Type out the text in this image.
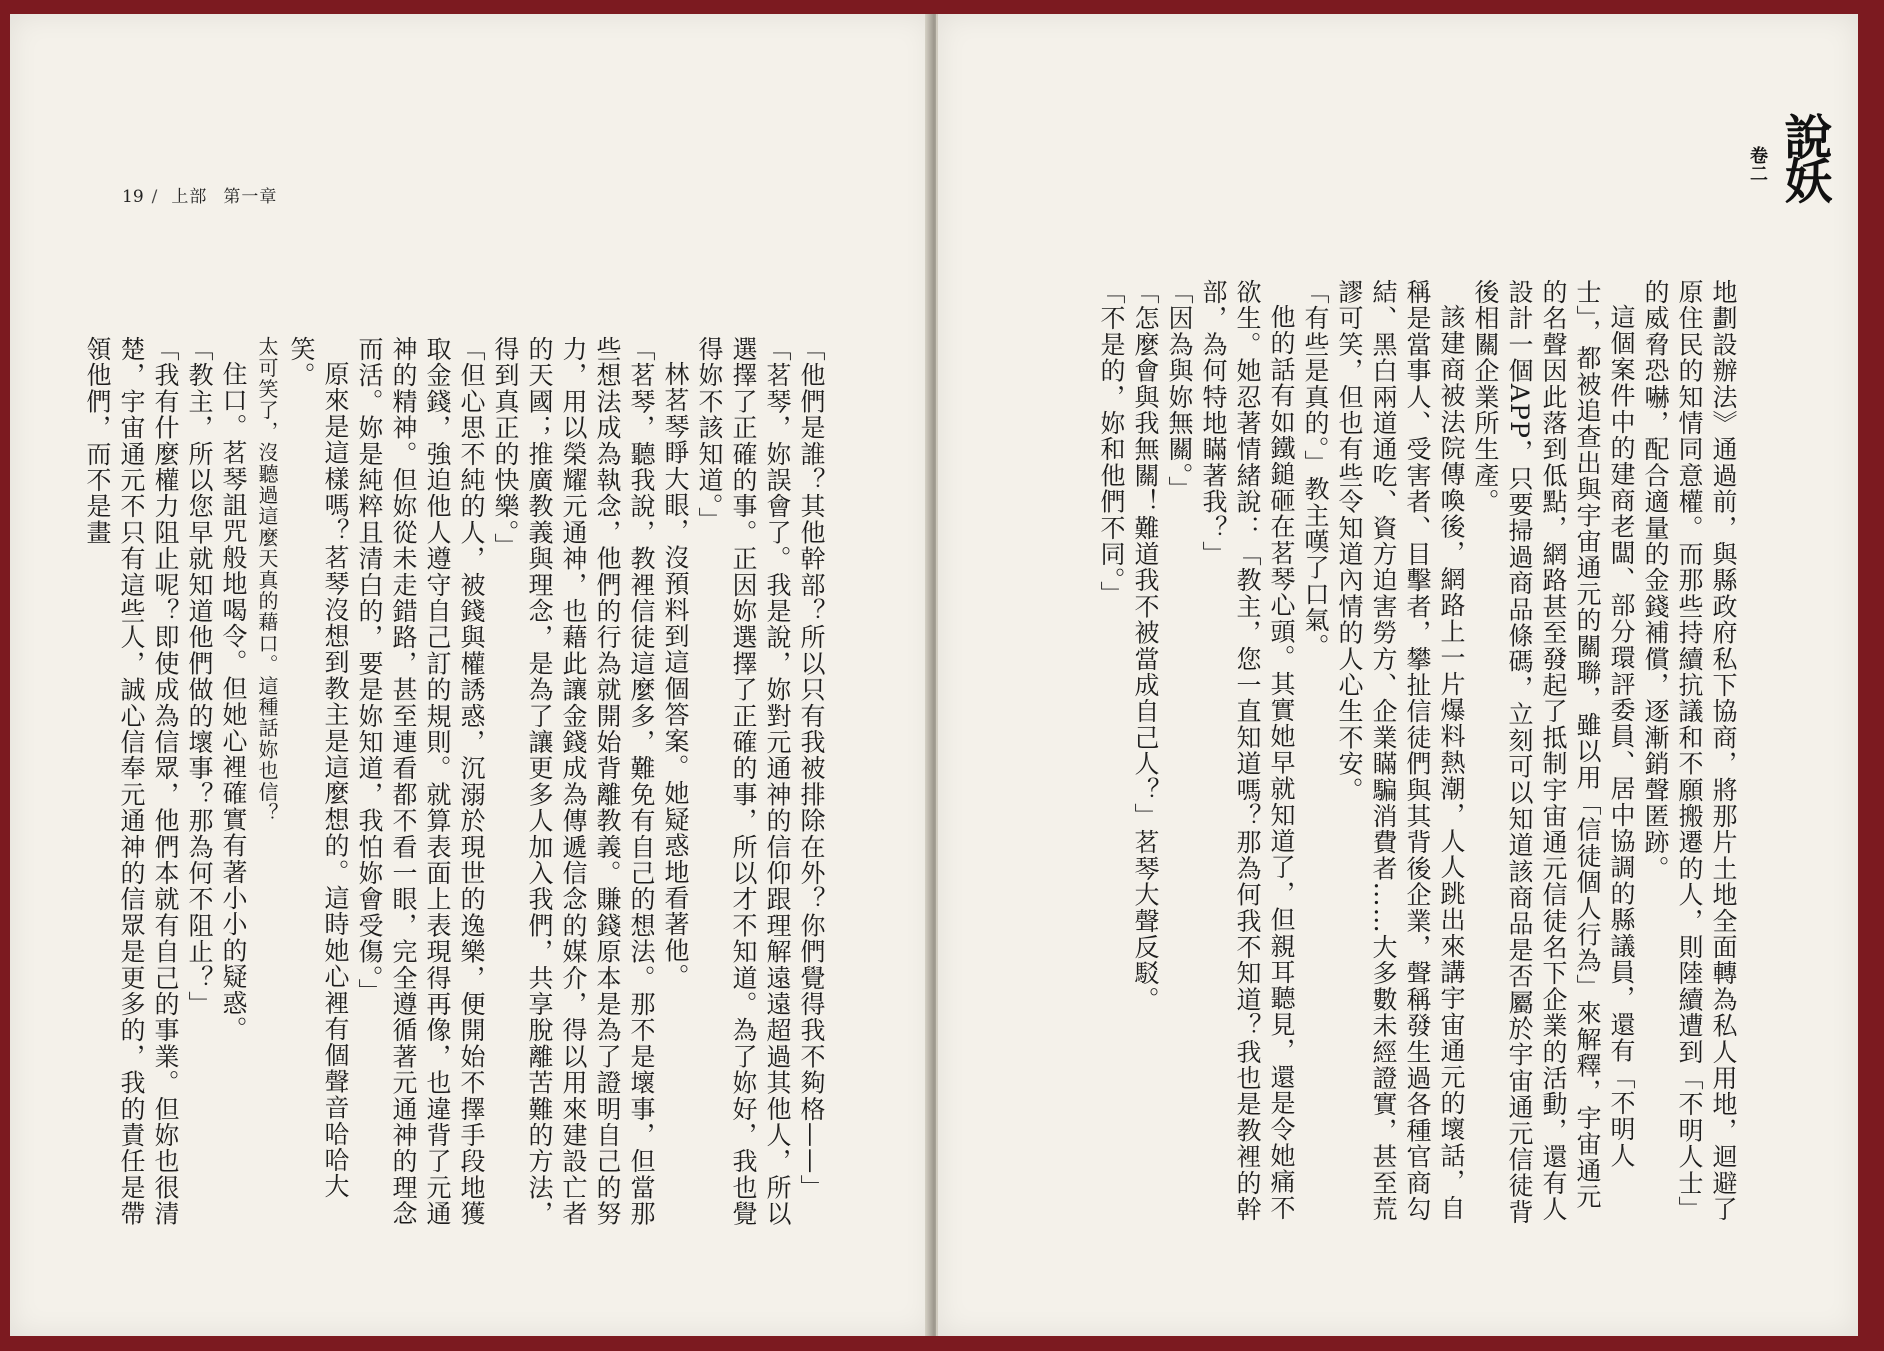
19 / 上部 第一章

「他們是誰？其他幹部？所以只有我被排除在外？你們覺得我不夠格——」

「茗琴，妳誤會了。我是說，妳對元通神的信仰跟理解遠遠超過其他人，所以選擇了正確的事。正因妳選擇了正確的事，所以才不知道。為了妳好，我也覺得妳不該知道。」

林茗琴睜大眼，沒預料到這個答案。她疑惑地看著他。

「茗琴，聽我說，教裡信徒這麼多，難免有自己的想法。那不是壞事，但當那些想法成為執念，他們的行為就開始背離教義。賺錢原本是為了證明自己的努力，用以榮耀元通神，也藉此讓金錢成為傳遞信念的媒介，得以用來建設亡者的天國；推廣教義與理念，是為了讓更多人加入我們，共享脫離苦難的方法，得到真正的快樂。」

「但心思不純的人，被錢與權誘惑，沉溺於現世的逸樂，便開始不擇手段地獲取金錢，強迫他人遵守自己訂的規則。就算表面上表現得再像，也違背了元通神的精神。但妳從未走錯路，甚至連看都不看一眼，完全遵循著元通神的理念而活。妳是純粹且清白的，要是妳知道，我怕妳會受傷。」

原來是這樣嗎？茗琴沒想到教主是這麼想的。這時她心裡有個聲音哈哈大笑。

太可笑了，沒聽過這麼天真的藉口。這種話妳也信？

住口。茗琴詛咒般地喝令。但她心裡確實有著小小的疑惑。

「教主，所以您早就知道他們做的壞事？那為何不阻止？」

「我有什麼權力阻止呢？即使成為信眾，他們本就有自己的事業。但妳也很清楚，宇宙通元不只有這些人，誠心信奉元通神的信眾是更多的，我的責任是帶領他們，而不是畫

說妖
卷二

地劃設辦法》通過前，與縣政府私下協商，將那片土地全面轉為私人用地，迴避了原住民的知情同意權。而那些持續抗議和不願搬遷的人，則陸續遭到「不明人士」的威脅恐嚇，配合適量的金錢補償，逐漸銷聲匿跡。

這個案件中的建商老闆、部分環評委員、居中協調的縣議員，還有「不明人士」，都被追查出與宇宙通元的關聯，雖以用「信徒個人行為」來解釋，宇宙通元的名聲因此落到低點，網路甚至發起了抵制宇宙通元信徒名下企業的活動，還有人設計一個APP，只要掃過商品條碼，立刻可以知道該商品是否屬於宇宙通元信徒背後相關企業所生產。

該建商被法院傳喚後，網路上一片爆料熱潮，人人跳出來講宇宙通元的壞話，自稱是當事人、受害者、目擊者，攀扯信徒們與其背後企業，聲稱發生過各種官商勾結、黑白兩道通吃、資方迫害勞方、企業瞞騙消費者……大多數未經證實，甚至荒謬可笑，但也有些令知道內情的人心生不安。

「有些是真的。」教主嘆了口氣。

他的話有如鐵鎚砸在茗琴心頭。其實她早就知道了，但親耳聽見，還是令她痛不欲生。她忍著情緒說：「教主，您一直知道嗎？那為何我不知道？我也是教裡的幹部，為何特地瞞著我？」

「因為與妳無關。」

「怎麼會與我無關！難道我不被當成自己人？」茗琴大聲反駁。

「不是的，妳和他們不同。」
